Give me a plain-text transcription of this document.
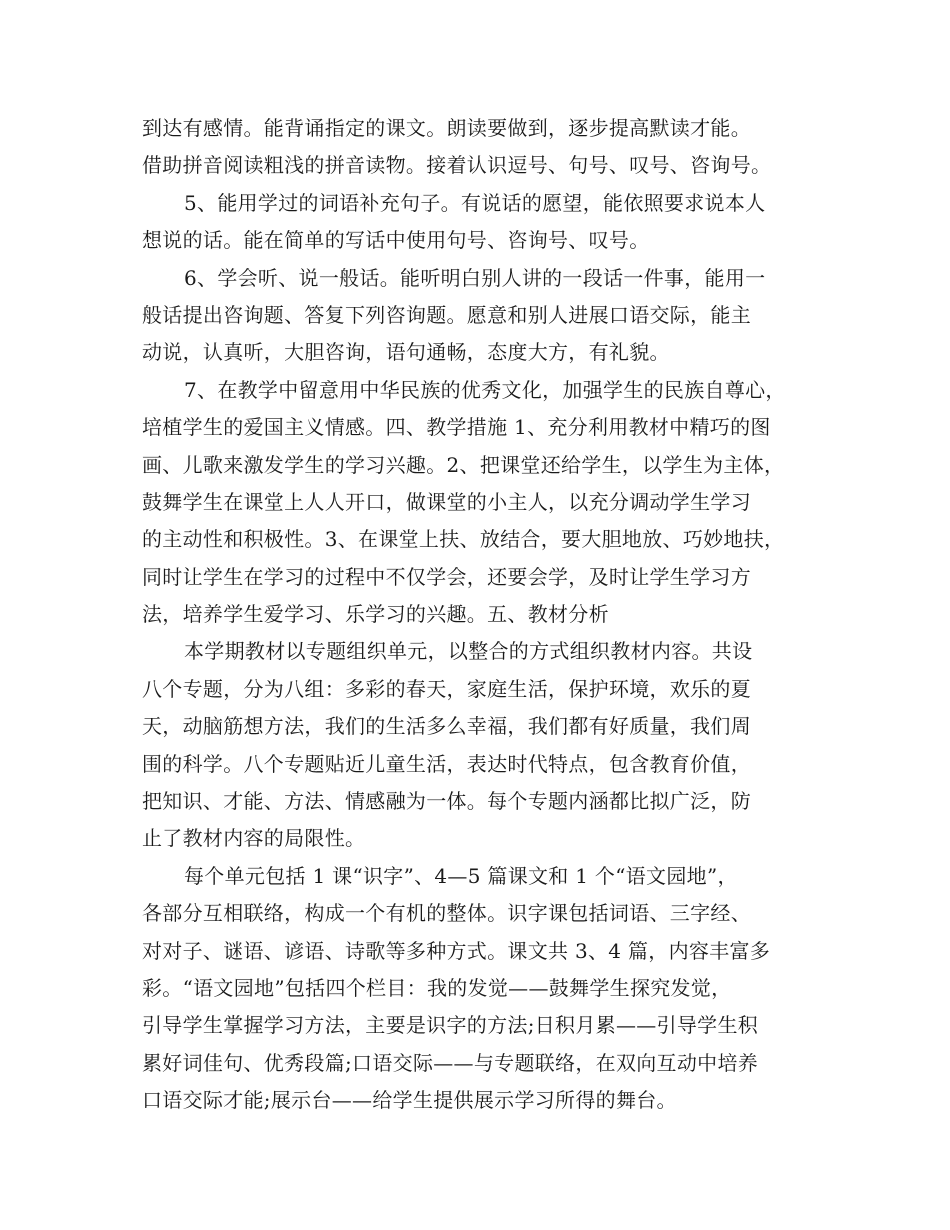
到达有感情。能背诵指定的课文。朗读要做到，逐步提高默读才能。
借助拼音阅读粗浅的拼音读物。接着认识逗号、句号、叹号、咨询号。
5、能用学过的词语补充句子。有说话的愿望，能依照要求说本人
想说的话。能在简单的写话中使用句号、咨询号、叹号。
6、学会听、说一般话。能听明白别人讲的一段话一件事，能用一
般话提出咨询题、答复下列咨询题。愿意和别人进展口语交际，能主
动说，认真听，大胆咨询，语句通畅，态度大方，有礼貌。
7、在教学中留意用中华民族的优秀文化，加强学生的民族自尊心，
培植学生的爱国主义情感。四、教学措施 1、充分利用教材中精巧的图
画、儿歌来激发学生的学习兴趣。2、把课堂还给学生，以学生为主体，
鼓舞学生在课堂上人人开口，做课堂的小主人，以充分调动学生学习
的主动性和积极性。3、在课堂上扶、放结合，要大胆地放、巧妙地扶，
同时让学生在学习的过程中不仅学会，还要会学，及时让学生学习方
法，培养学生爱学习、乐学习的兴趣。五、教材分析
本学期教材以专题组织单元，以整合的方式组织教材内容。共设
八个专题，分为八组：多彩的春天，家庭生活，保护环境，欢乐的夏
天，动脑筋想方法，我们的生活多么幸福，我们都有好质量，我们周
围的科学。八个专题贴近儿童生活，表达时代特点，包含教育价值，
把知识、才能、方法、情感融为一体。每个专题内涵都比拟广泛，防
止了教材内容的局限性。
每个单元包括 1 课“识字”、4—5 篇课文和 1 个“语文园地”，
各部分互相联络，构成一个有机的整体。识字课包括词语、三字经、
对对子、谜语、谚语、诗歌等多种方式。课文共 3、4 篇，内容丰富多
彩。“语文园地”包括四个栏目：我的发觉——鼓舞学生探究发觉，
引导学生掌握学习方法，主要是识字的方法;日积月累——引导学生积
累好词佳句、优秀段篇;口语交际——与专题联络，在双向互动中培养
口语交际才能;展示台——给学生提供展示学习所得的舞台。
